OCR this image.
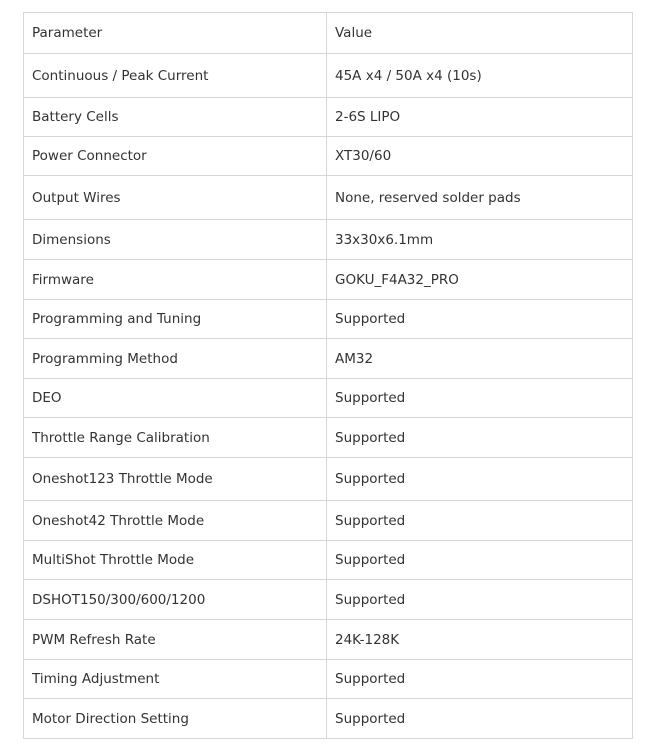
Parameter	Value
Continuous / Peak Current	45A x4 / 50A x4 (10s)
Battery Cells	2-6S LIPO
Power Connector	XT30/60
Output Wires	None, reserved solder pads
Dimensions	33x30x6.1mm
Firmware	GOKU_F4A32_PRO
Programming and Tuning	Supported
Programming Method	AM32
DEO	Supported
Throttle Range Calibration	Supported
Oneshot123 Throttle Mode	Supported
Oneshot42 Throttle Mode	Supported
MultiShot Throttle Mode	Supported
DSHOT150/300/600/1200	Supported
PWM Refresh Rate	24K-128K
Timing Adjustment	Supported
Motor Direction Setting	Supported
